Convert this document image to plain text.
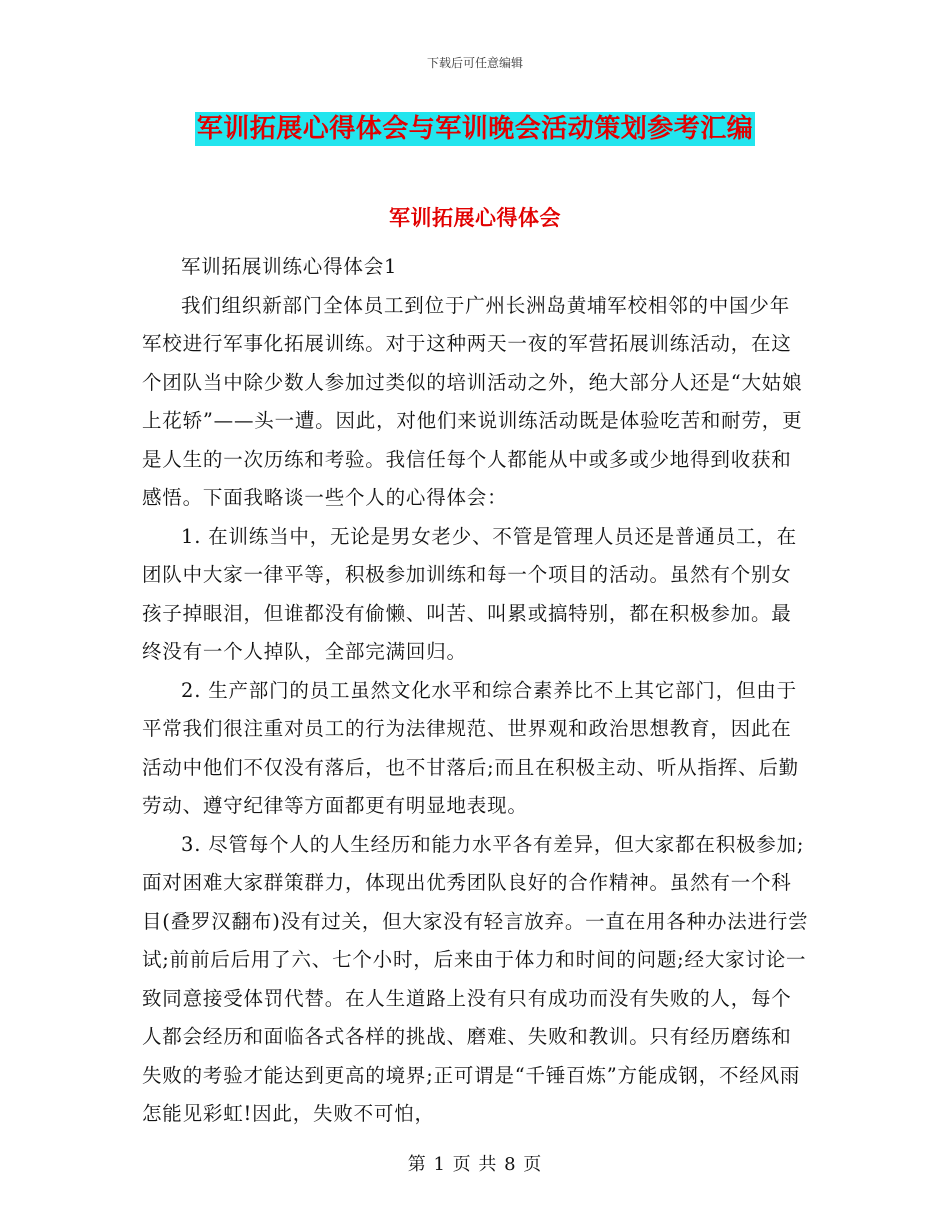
下载后可任意编辑
军训拓展心得体会与军训晚会活动策划参考汇编
军训拓展心得体会

军训拓展训练心得体会1

我们组织新部门全体员工到位于广州长洲岛黄埔军校相邻的中国少年军校进行军事化拓展训练。对于这种两天一夜的军营拓展训练活动，在这个团队当中除少数人参加过类似的培训活动之外，绝大部分人还是“大姑娘上花轿”——头一遭。因此，对他们来说训练活动既是体验吃苦和耐劳，更是人生的一次历练和考验。我信任每个人都能从中或多或少地得到收获和感悟。下面我略谈一些个人的心得体会：

1. 在训练当中，无论是男女老少、不管是管理人员还是普通员工，在团队中大家一律平等，积极参加训练和每一个项目的活动。虽然有个别女孩子掉眼泪，但谁都没有偷懒、叫苦、叫累或搞特别，都在积极参加。最终没有一个人掉队，全部完满回归。

2. 生产部门的员工虽然文化水平和综合素养比不上其它部门，但由于平常我们很注重对员工的行为法律规范、世界观和政治思想教育，因此在活动中他们不仅没有落后，也不甘落后;而且在积极主动、听从指挥、后勤劳动、遵守纪律等方面都更有明显地表现。

3. 尽管每个人的人生经历和能力水平各有差异，但大家都在积极参加;面对困难大家群策群力，体现出优秀团队良好的合作精神。虽然有一个科目(叠罗汉翻布)没有过关，但大家没有轻言放弃。一直在用各种办法进行尝试;前前后后用了六、七个小时，后来由于体力和时间的问题;经大家讨论一致同意接受体罚代替。在人生道路上没有只有成功而没有失败的人，每个人都会经历和面临各式各样的挑战、磨难、失败和教训。只有经历磨练和失败的考验才能达到更高的境界;正可谓是“千锤百炼”方能成钢，不经风雨怎能见彩虹!因此，失败不可怕，

第 1 页 共 8 页
